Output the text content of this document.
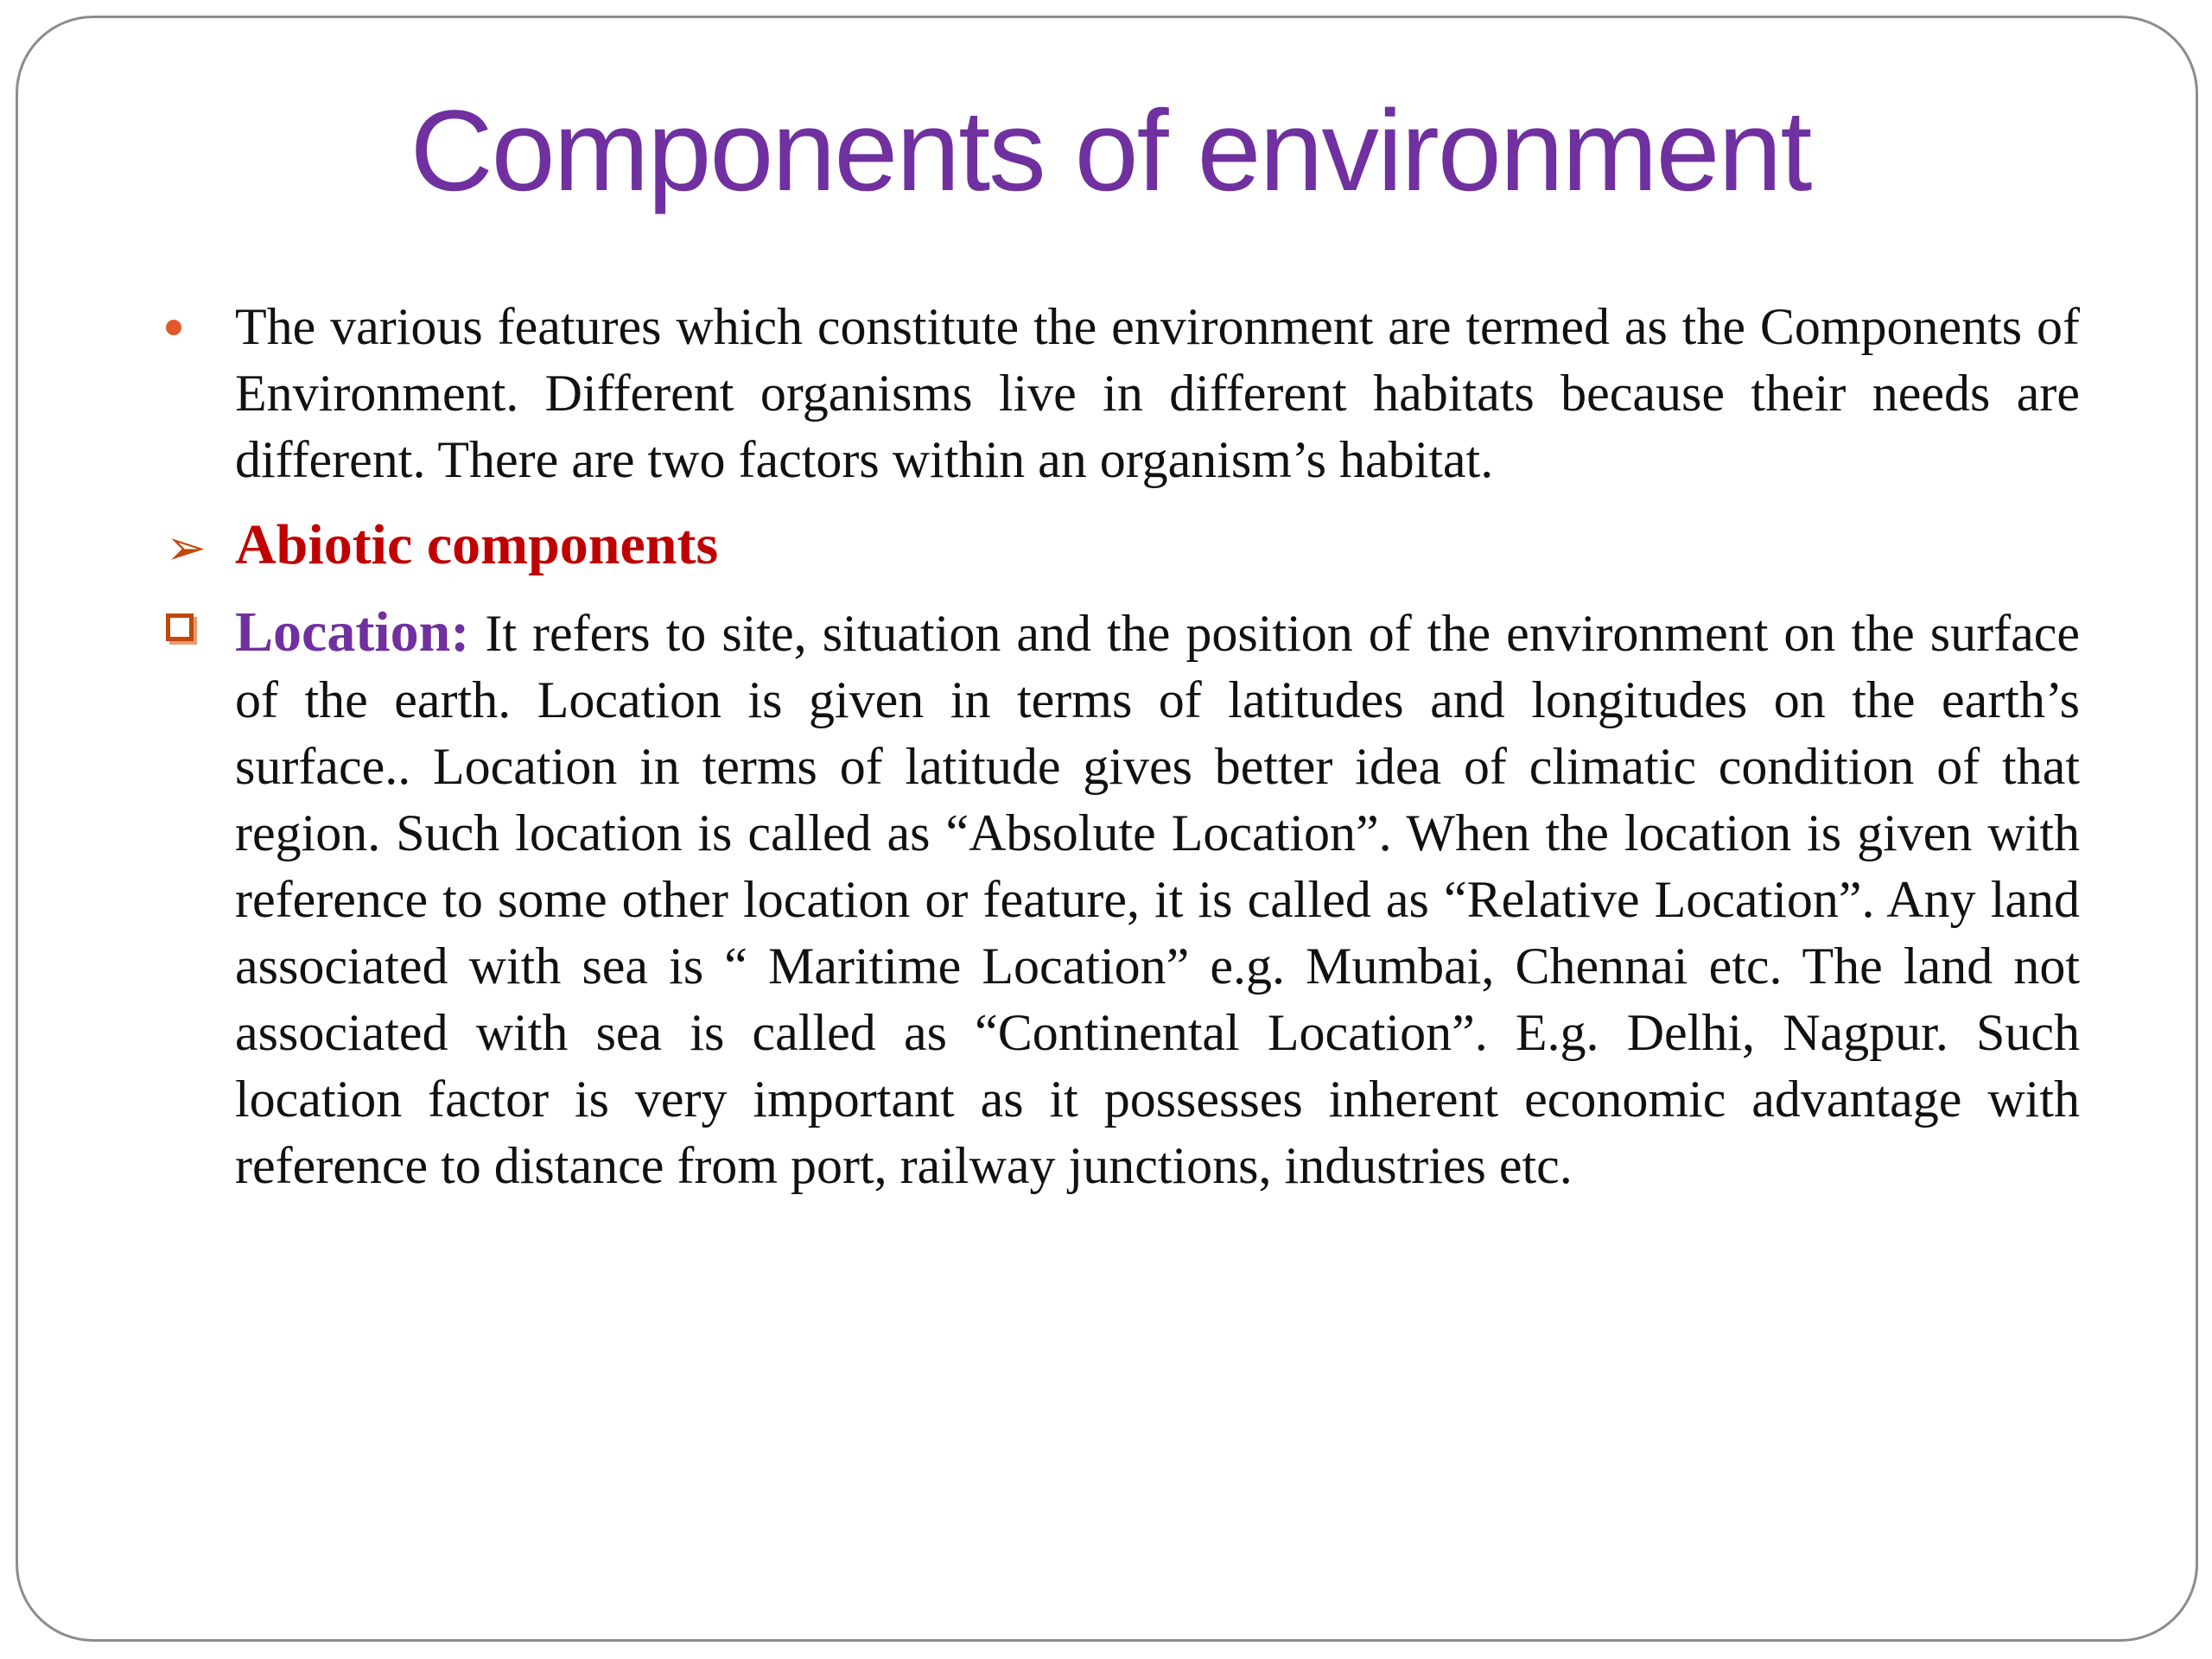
Components of environment
The various features which constitute the environment are termed as the Components of Environment. Different organisms live in different habitats because their needs are different. There are two factors within an organism’s habitat.
➢ Abiotic components
Location: It refers to site, situation and the position of the environment on the surface of the earth. Location is given in terms of latitudes and longitudes on the earth’s surface.. Location in terms of latitude gives better idea of climatic condition of that region. Such location is called as “Absolute Location”. When the location is given with reference to some other location or feature, it is called as “Relative Location”. Any land associated with sea is “ Maritime Location” e.g. Mumbai, Chennai etc. The land not associated with sea is called as “Continental Location”. E.g. Delhi, Nagpur. Such location factor is very important as it possesses inherent economic advantage with reference to distance from port, railway junctions, industries etc.
